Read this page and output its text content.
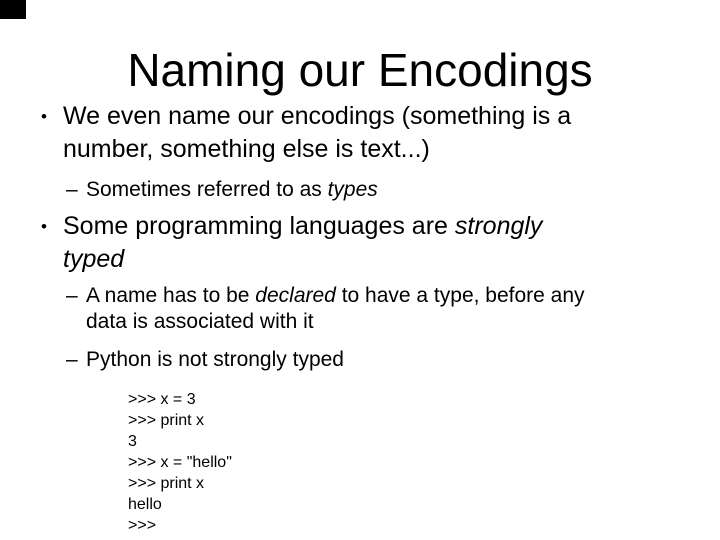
Naming our Encodings
• We even name our encodings (something is a
number, something else is text...)
– Sometimes referred to as types
• Some programming languages are strongly
typed
– A name has to be declared to have a type, before any
data is associated with it
– Python is not strongly typed
>>> x = 3
>>> print x
3
>>> x = "hello"
>>> print x
hello
>>>
